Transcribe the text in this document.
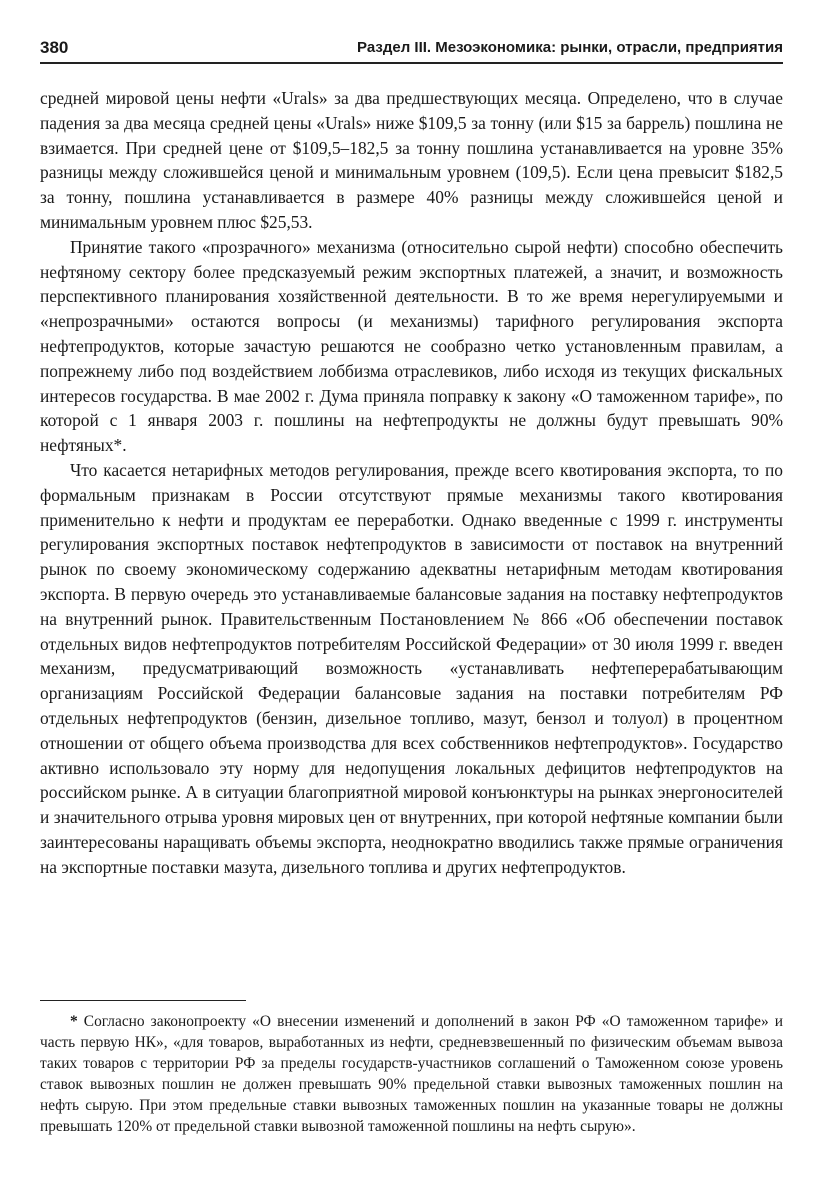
380	Раздел III. Мезоэкономика: рынки, отрасли, предприятия

средней мировой цены нефти «Urals» за два предшествующих месяца. Определено, что в случае падения за два месяца средней цены «Urals» ниже $109,5 за тонну (или $15 за баррель) пошлина не взимается. При средней цене от $109,5–182,5 за тонну пошлина устанавливается на уровне 35% разницы между сложившейся ценой и минимальным уровнем (109,5). Если цена превысит $182,5 за тонну, пошлина устанавливается в размере 40% разницы между сложившейся ценой и минимальным уровнем плюс $25,53.

Принятие такого «прозрачного» механизма (относительно сырой нефти) способно обеспечить нефтяному сектору более предсказуемый режим экспортных платежей, а значит, и возможность перспективного планирования хозяйственной деятельности. В то же время нерегулируемыми и «непрозрачными» остаются вопросы (и механизмы) тарифного регулирования экспорта нефтепродуктов, которые зачастую решаются не сообразно четко установленным правилам, а попрежнему либо под воздействием лоббизма отраслевиков, либо исходя из текущих фискальных интересов государства. В мае 2002 г. Дума приняла поправку к закону «О таможенном тарифе», по которой с 1 января 2003 г. пошлины на нефтепродукты не должны будут превышать 90% нефтяных*.

Что касается нетарифных методов регулирования, прежде всего квотирования экспорта, то по формальным признакам в России отсутствуют прямые механизмы такого квотирования применительно к нефти и продуктам ее переработки. Однако введенные с 1999 г. инструменты регулирования экспортных поставок нефтепродуктов в зависимости от поставок на внутренний рынок по своему экономическому содержанию адекватны нетарифным методам квотирования экспорта. В первую очередь это устанавливаемые балансовые задания на поставку нефтепродуктов на внутренний рынок. Правительственным Постановлением № 866 «Об обеспечении поставок отдельных видов нефтепродуктов потребителям Российской Федерации» от 30 июля 1999 г. введен механизм, предусматривающий возможность «устанавливать нефтеперерабатывающим организациям Российской Федерации балансовые задания на поставки потребителям РФ отдельных нефтепродуктов (бензин, дизельное топливо, мазут, бензол и толуол) в процентном отношении от общего объема производства для всех собственников нефтепродуктов». Государство активно использовало эту норму для недопущения локальных дефицитов нефтепродуктов на российском рынке. А в ситуации благоприятной мировой конъюнктуры на рынках энергоносителей и значительного отрыва уровня мировых цен от внутренних, при которой нефтяные компании были заинтересованы наращивать объемы экспорта, неоднократно вводились также прямые ограничения на экспортные поставки мазута, дизельного топлива и других нефтепродуктов.

* Согласно законопроекту «О внесении изменений и дополнений в закон РФ «О таможенном тарифе» и часть первую НК», «для товаров, выработанных из нефти, средневзвешенный по физическим объемам вывоза таких товаров с территории РФ за пределы государств-участников соглашений о Таможенном союзе уровень ставок вывозных пошлин не должен превышать 90% предельной ставки вывозных таможенных пошлин на нефть сырую. При этом предельные ставки вывозных таможенных пошлин на указанные товары не должны превышать 120% от предельной ставки вывозной таможенной пошлины на нефть сырую».
